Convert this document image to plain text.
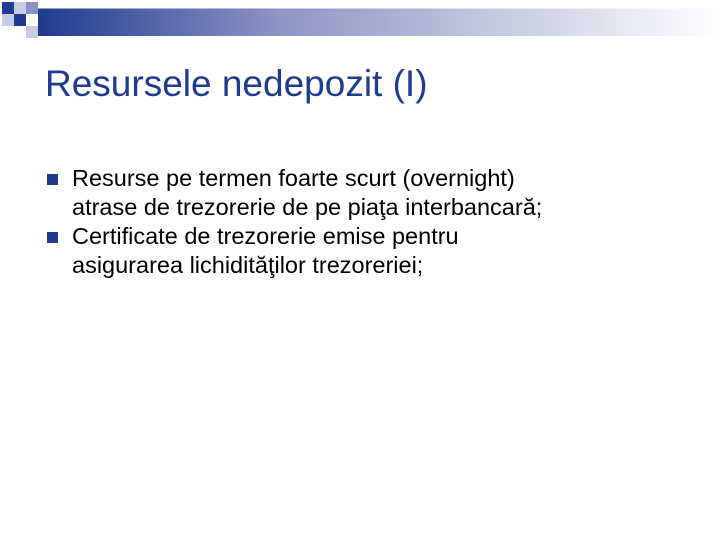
Resursele nedepozit (I)
Resurse pe termen foarte scurt (overnight)
atrase de trezorerie de pe piaţa interbancară;
Certificate de trezorerie emise pentru
asigurarea lichidităţilor trezoreriei;
